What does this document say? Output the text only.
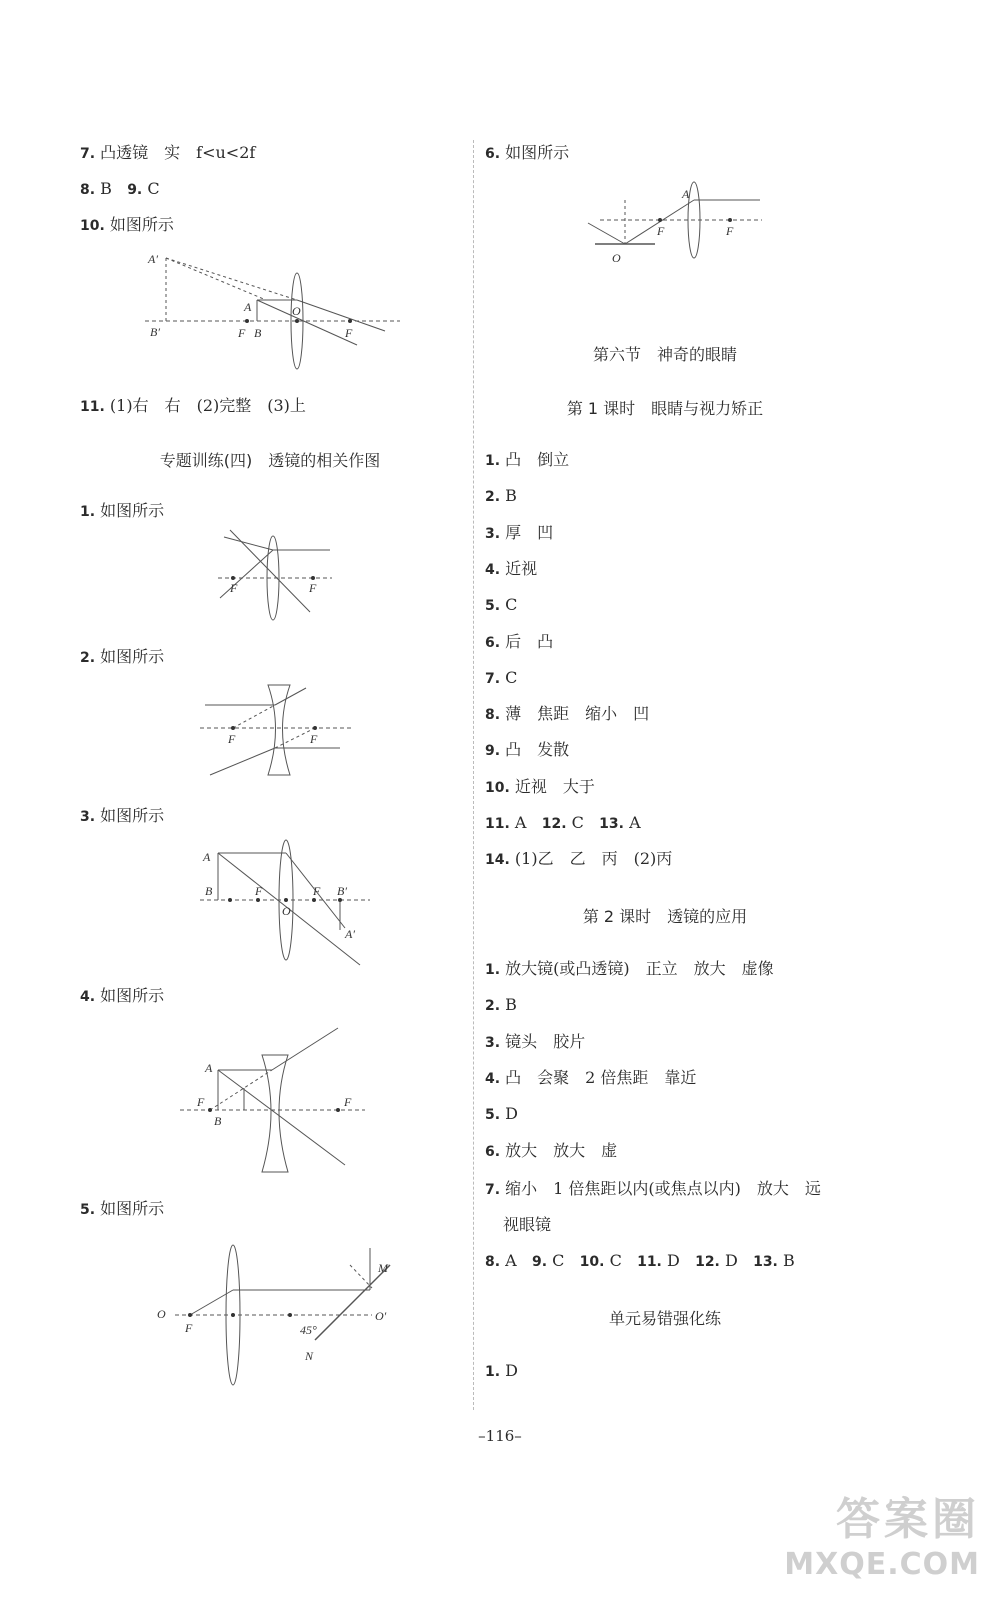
7. 凸透镜　实　f<u<2f
8. B 9. C
10. 如图所示
A′
B′
A
F B
O
F
11. (1)右　右　(2)完整　(3)上
专题训练(四)　透镜的相关作图
1. 如图所示
F	F
2. 如图所示
F	F
3. 如图所示
A
B	F
O
F B′
A′
4. 如图所示
A
F
B
F
5. 如图所示
O
F	45°
O′
M
N
6. 如图所示
A
F	F
O
第六节　神奇的眼睛
第 1 课时　眼睛与视力矫正
1. 凸　倒立
2. B
3. 厚　凹
4. 近视
5. C
6. 后　凸
7. C
8. 薄　焦距　缩小　凹
9. 凸　发散
10. 近视　大于
11. A 12. C 13. A
14. (1)乙　乙　丙　(2)丙
第 2 课时　透镜的应用
1. 放大镜(或凸透镜)　正立　放大　虚像
2. B
3. 镜头　胶片
4. 凸　会聚　2 倍焦距　靠近
5. D
6. 放大　放大　虚
7. 缩小　1 倍焦距以内(或焦点以内)　放大　远
视眼镜
8. A 9. C 10. C 11. D 12. D 13. B
单元易错强化练
1. D
–116–
答案圈
MXQE.COM
